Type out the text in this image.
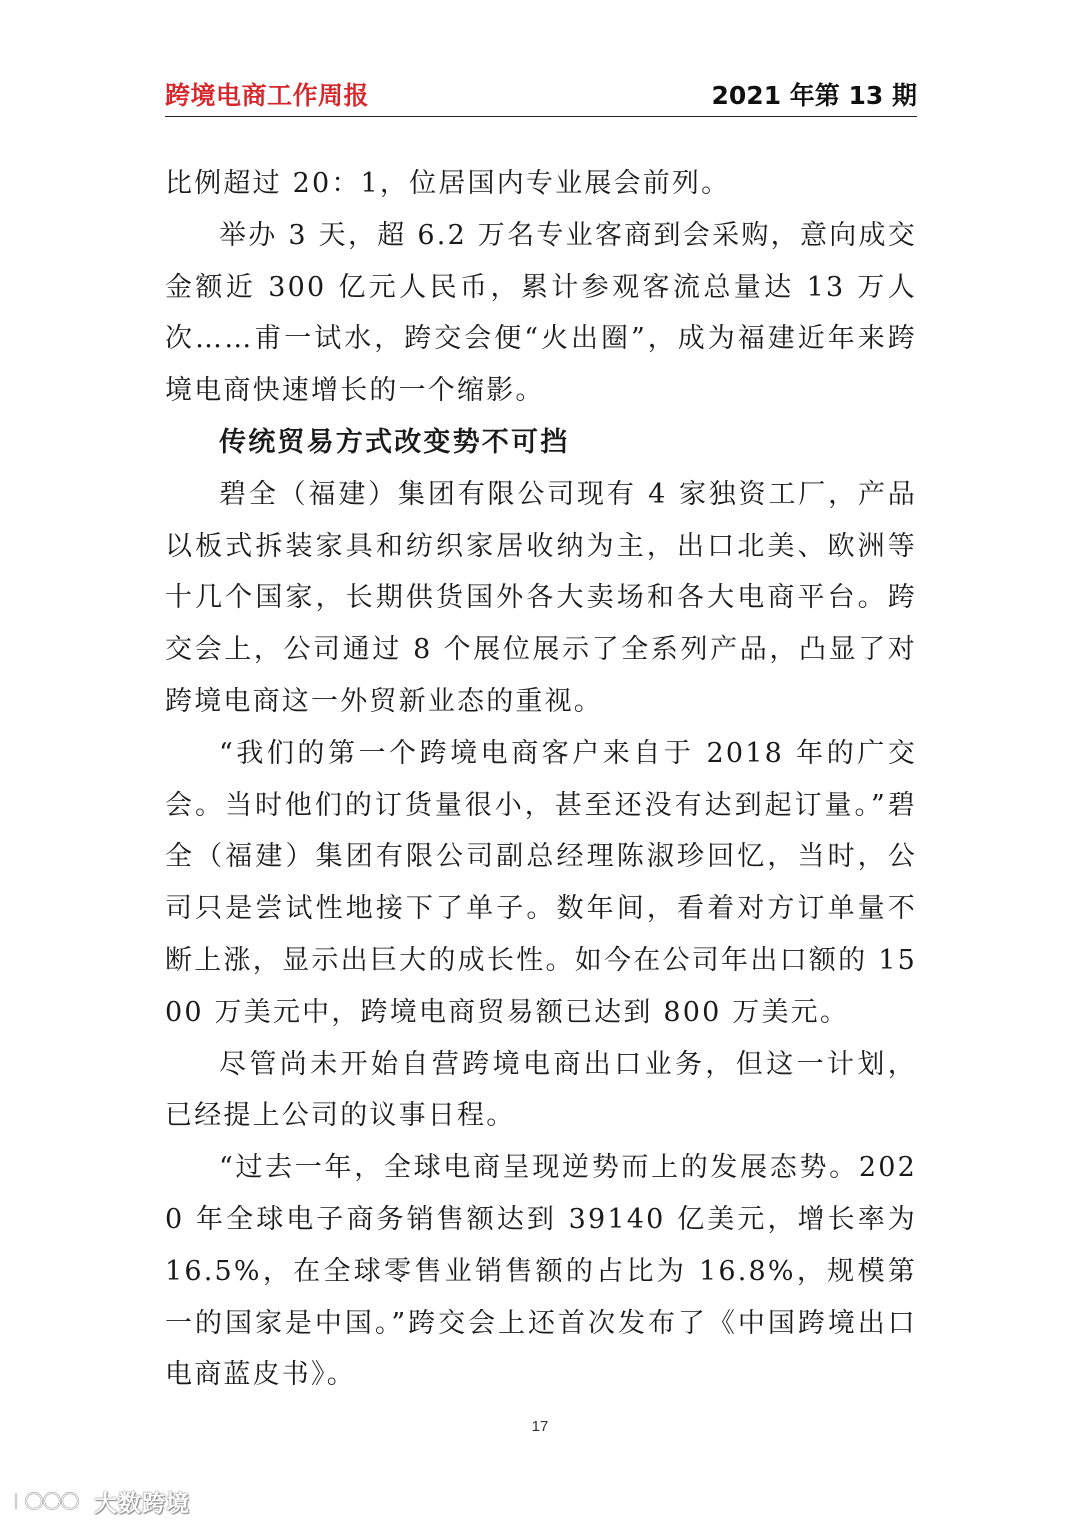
跨境电商工作周报	2021 年第 13 期

比例超过 20：1，位居国内专业展会前列。

举办 3 天，超 6.2 万名专业客商到会采购，意向成交金额近 300 亿元人民币，累计参观客流总量达 13 万人次……甫一试水，跨交会便“火出圈”，成为福建近年来跨境电商快速增长的一个缩影。

传统贸易方式改变势不可挡

碧全（福建）集团有限公司现有 4 家独资工厂，产品以板式拆装家具和纺织家居收纳为主，出口北美、欧洲等十几个国家，长期供货国外各大卖场和各大电商平台。跨交会上，公司通过 8 个展位展示了全系列产品，凸显了对跨境电商这一外贸新业态的重视。

“我们的第一个跨境电商客户来自于 2018 年的广交会。当时他们的订货量很小，甚至还没有达到起订量。”碧全（福建）集团有限公司副总经理陈淑珍回忆，当时，公司只是尝试性地接下了单子。数年间，看着对方订单量不断上涨，显示出巨大的成长性。如今在公司年出口额的 1500 万美元中，跨境电商贸易额已达到 800 万美元。

尽管尚未开始自营跨境电商出口业务，但这一计划，已经提上公司的议事日程。

“过去一年，全球电商呈现逆势而上的发展态势。2020 年全球电子商务销售额达到 39140 亿美元，增长率为 16.5%，在全球零售业销售额的占比为 16.8%，规模第一的国家是中国。”跨交会上还首次发布了《中国跨境出口电商蓝皮书》。

17
大数跨境
